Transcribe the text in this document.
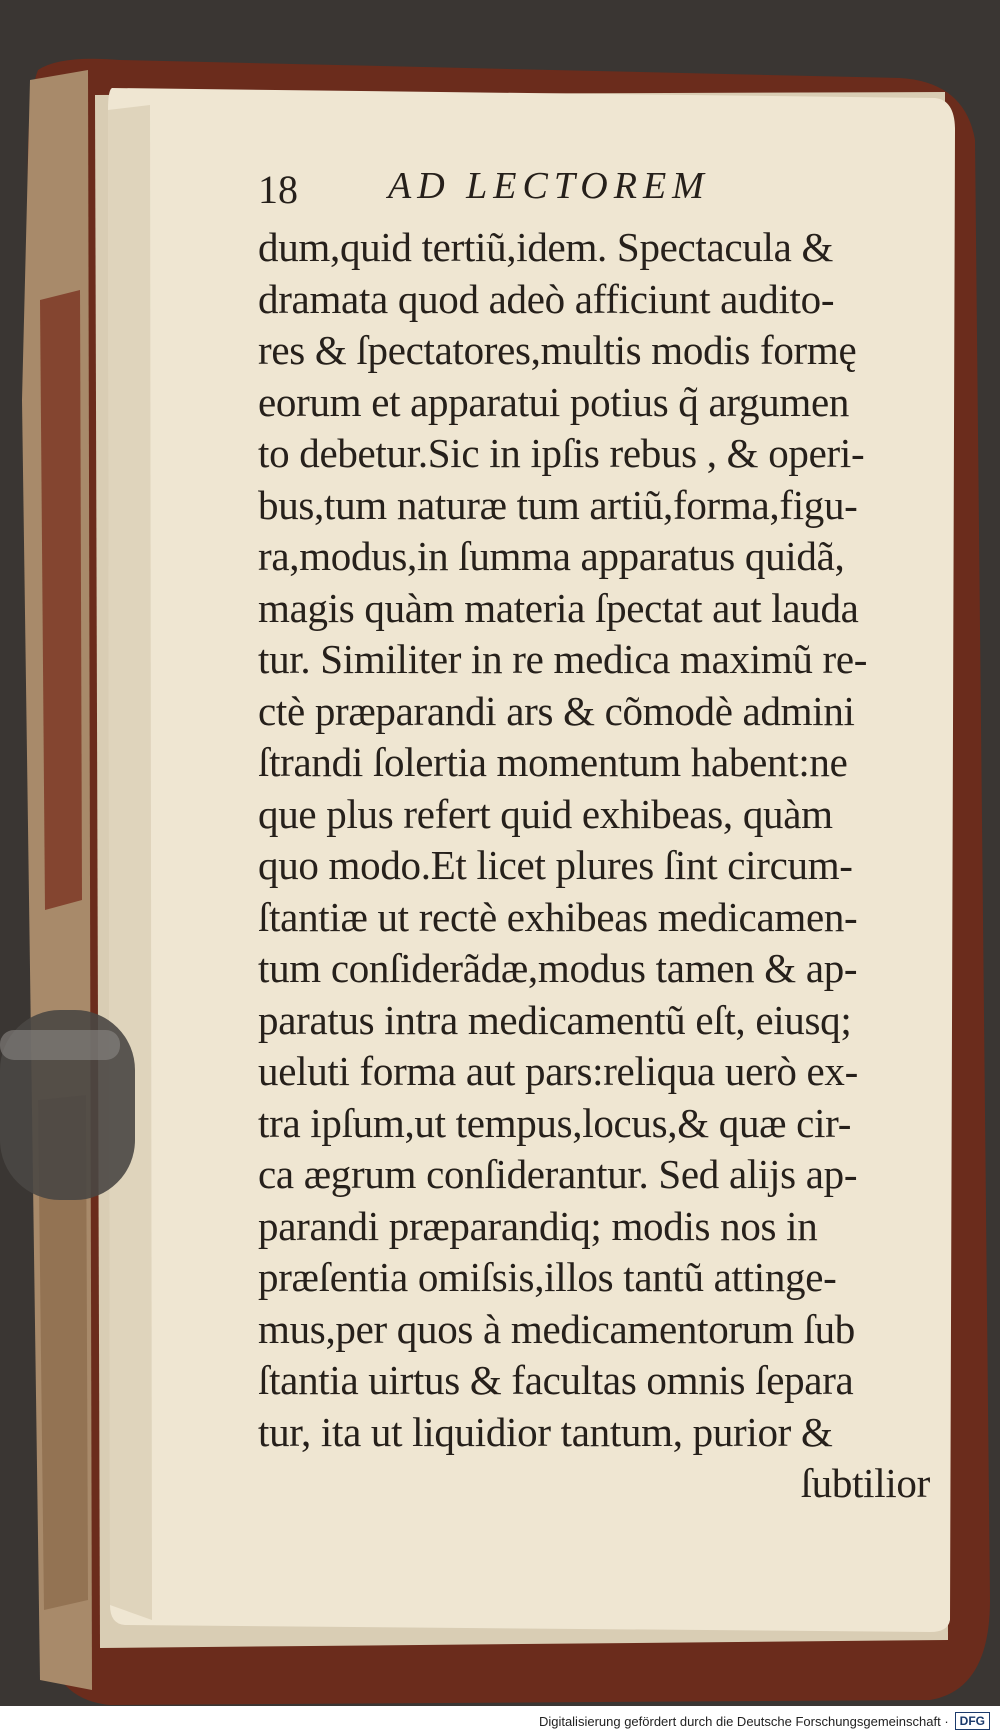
18 AD LECTOREM
dum,quid tertiũ,idem. Spectacula &
dramata quod adeò afficiunt audito-
res & ſpectatores,multis modis formę
eorum et apparatui potius q̃ argumen
to debetur.Sic in ipſis rebus , & operi-
bus,tum naturæ tum artiũ,forma,figu-
ra,modus,in ſumma apparatus quidã,
magis quàm materia ſpectat aut lauda
tur. Similiter in re medica maximũ re-
ctè præparandi ars & cõmodè admini
ſtrandi ſolertia momentum habent:ne
que plus refert quid exhibeas, quàm
quo modo.Et licet plures ſint circum-
ſtantiæ ut rectè exhibeas medicamen-
tum conſiderãdæ,modus tamen & ap-
paratus intra medicamentũ eſt, eiusq;
ueluti forma aut pars:reliqua uerò ex-
tra ipſum,ut tempus,locus,& quæ cir-
ca ægrum conſiderantur. Sed alijs ap-
parandi præparandiq; modis nos in
præſentia omiſsis,illos tantũ attinge-
mus,per quos à medicamentorum ſub
ſtantia uirtus & facultas omnis ſepara
tur, ita ut liquidior tantum, purior &
ſubtilior
Digitalisierung gefördert durch die Deutsche Forschungsgemeinschaft · DFG
